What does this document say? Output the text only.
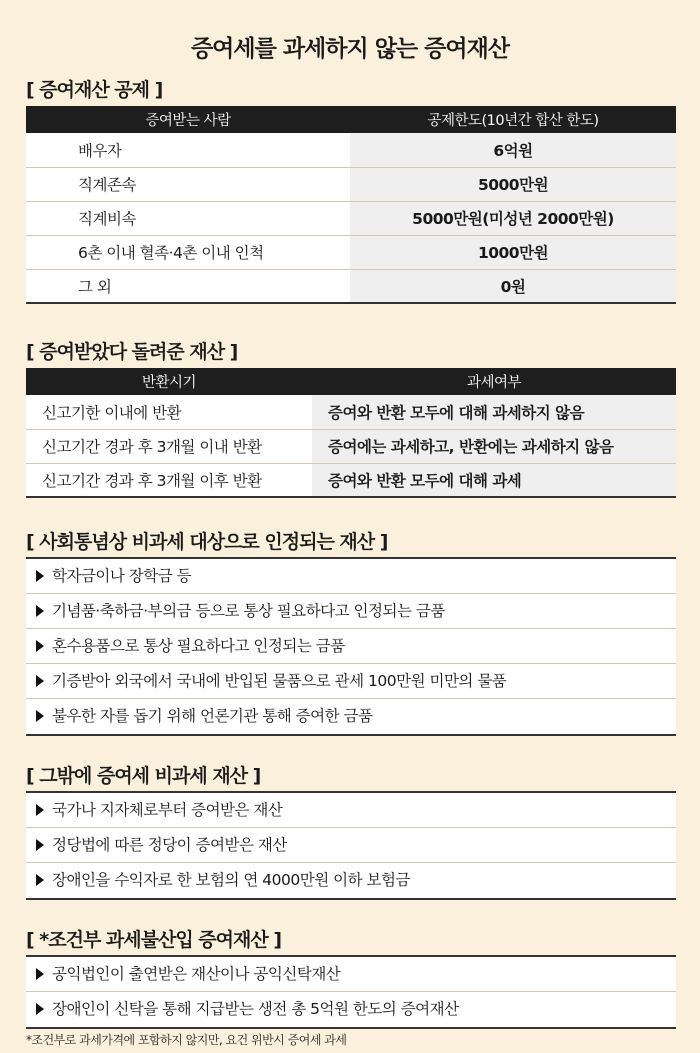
증여세를 과세하지 않는 증여재산
[ 증여재산 공제 ]
증여받는 사람	공제한도(10년간 합산 한도)
배우자	6억원
직계존속	5000만원
직계비속	5000만원(미성년 2000만원)
6촌 이내 혈족·4촌 이내 인척	1000만원
그 외	0원
[ 증여받았다 돌려준 재산 ]
반환시기	과세여부
신고기한 이내에 반환	증여와 반환 모두에 대해 과세하지 않음
신고기간 경과 후 3개월 이내 반환	증여에는 과세하고, 반환에는 과세하지 않음
신고기간 경과 후 3개월 이후 반환	증여와 반환 모두에 대해 과세
[ 사회통념상 비과세 대상으로 인정되는 재산 ]
학자금이나 장학금 등
기념품·축하금·부의금 등으로 통상 필요하다고 인정되는 금품
혼수용품으로 통상 필요하다고 인정되는 금품
기증받아 외국에서 국내에 반입된 물품으로 관세 100만원 미만의 물품
불우한 자를 돕기 위해 언론기관 통해 증여한 금품
[ 그밖에 증여세 비과세 재산 ]
국가나 지자체로부터 증여받은 재산
정당법에 따른 정당이 증여받은 재산
장애인을 수익자로 한 보험의 연 4000만원 이하 보험금
[ *조건부 과세불산입 증여재산 ]
공익법인이 출연받은 재산이나 공익신탁재산
장애인이 신탁을 통해 지급받는 생전 총 5억원 한도의 증여재산
*조건부로 과세가격에 포함하지 않지만, 요건 위반시 증여세 과세
